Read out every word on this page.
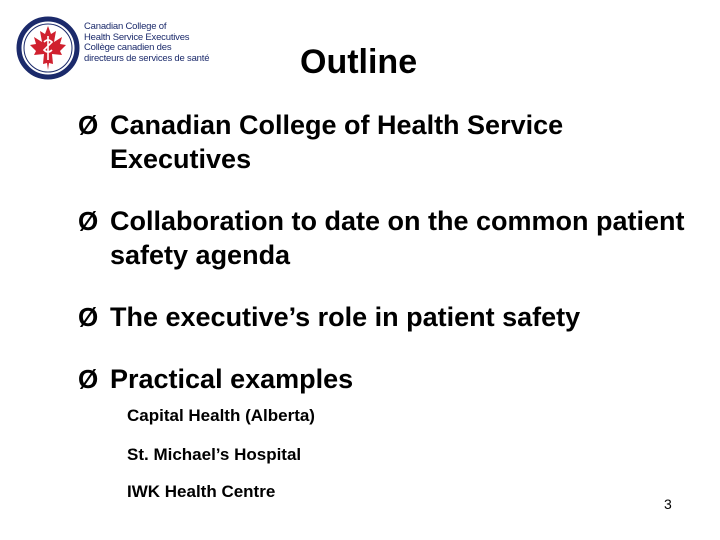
Canadian College of
Health Service Executives
Collège canadien des
directeurs de services de santé	Outline
Ø Canadian College of Health Service Executives
Ø Collaboration to date on the common patient safety agenda
Ø The executive’s role in patient safety
Ø Practical examples
Capital Health (Alberta)
St. Michael’s Hospital
IWK Health Centre
3
